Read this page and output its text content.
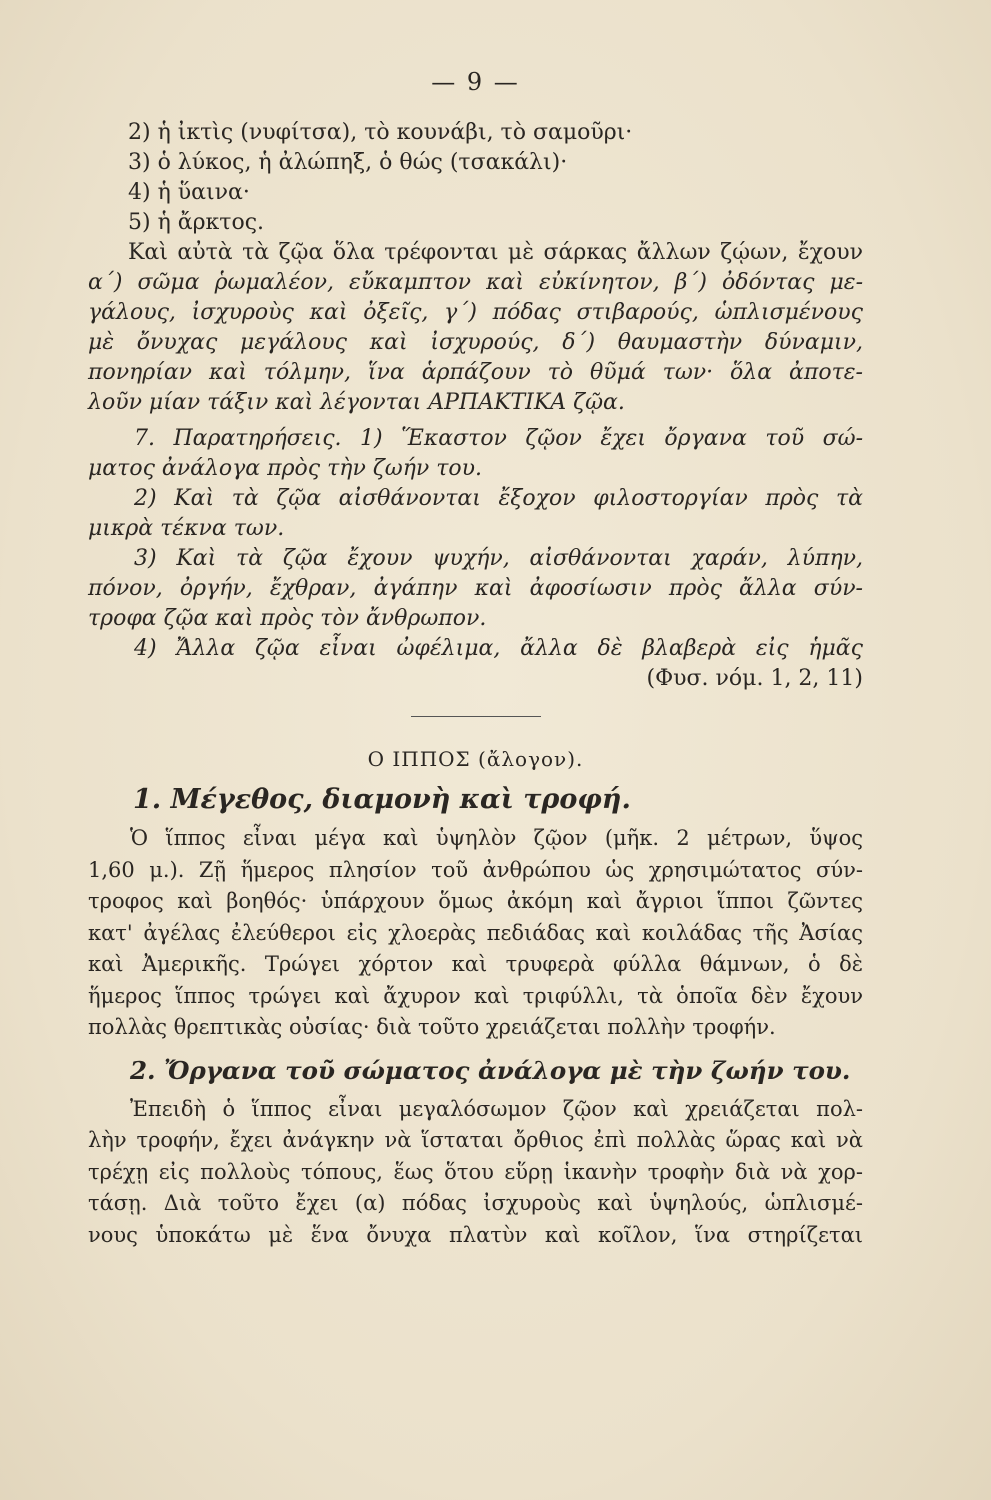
— 9 —
2) ἡ ἰκτὶς (νυφίτσα), τὸ κουνάβι, τὸ σαμοῦρι·
3) ὁ λύκος, ἡ ἀλώπηξ, ὁ θώς (τσακάλι)·
4) ἡ ὕαινα·
5) ἡ ἄρκτος.
Καὶ αὐτὰ τὰ ζῷα ὅλα τρέφονται μὲ σάρκας ἄλλων ζῴων, ἔχουν
α΄) σῶμα ῥωμαλέον, εὔκαμπτον καὶ εὐκίνητον, β΄) ὀδόντας με-
γάλους, ἰσχυροὺς καὶ ὀξεῖς, γ΄) πόδας στιβαρούς, ὡπλισμένους
μὲ ὄνυχας μεγάλους καὶ ἰσχυρούς, δ΄) θαυμαστὴν δύναμιν,
πονηρίαν καὶ τόλμην, ἵνα ἁρπάζουν τὸ θῦμά των· ὅλα ἀποτε-
λοῦν μίαν τάξιν καὶ λέγονται ΑΡΠΑΚΤΙΚΑ ζῷα.
7. Παρατηρήσεις. 1) Ἕκαστον ζῷον ἔχει ὄργανα τοῦ σώ-
ματος ἀνάλογα πρὸς τὴν ζωήν του.
2) Καὶ τὰ ζῷα αἰσθάνονται ἔξοχον φιλοστοργίαν πρὸς τὰ
μικρὰ τέκνα των.
3) Καὶ τὰ ζῷα ἔχουν ψυχήν, αἰσθάνονται χαράν, λύπην,
πόνον, ὀργήν, ἔχθραν, ἀγάπην καὶ ἀφοσίωσιν πρὸς ἄλλα σύν-
τροφα ζῷα καὶ πρὸς τὸν ἄνθρωπον.
4) Ἄλλα ζῷα εἶναι ὠφέλιμα, ἄλλα δὲ βλαβερὰ εἰς ἡμᾶς
(Φυσ. νόμ. 1, 2, 11)
Ο ΙΠΠΟΣ (ἄλογον).
1. Μέγεθος, διαμονὴ καὶ τροφή.
Ὁ ἵππος εἶναι μέγα καὶ ὑψηλὸν ζῷον (μῆκ. 2 μέτρων, ὕψος
1,60 μ.). Ζῇ ἥμερος πλησίον τοῦ ἀνθρώπου ὡς χρησιμώτατος σύν-
τροφος καὶ βοηθός· ὑπάρχουν ὅμως ἀκόμη καὶ ἄγριοι ἵπποι ζῶντες
κατ' ἀγέλας ἐλεύθεροι εἰς χλοερὰς πεδιάδας καὶ κοιλάδας τῆς Ἀσίας
καὶ Ἀμερικῆς. Τρώγει χόρτον καὶ τρυφερὰ φύλλα θάμνων, ὁ δὲ
ἥμερος ἵππος τρώγει καὶ ἄχυρον καὶ τριφύλλι, τὰ ὁποῖα δὲν ἔχουν
πολλὰς θρεπτικὰς οὐσίας· διὰ τοῦτο χρειάζεται πολλὴν τροφήν.
2. Ὄργανα τοῦ σώματος ἀνάλογα μὲ τὴν ζωήν του.
Ἐπειδὴ ὁ ἵππος εἶναι μεγαλόσωμον ζῷον καὶ χρειάζεται πολ-
λὴν τροφήν, ἔχει ἀνάγκην νὰ ἵσταται ὄρθιος ἐπὶ πολλὰς ὥρας καὶ νὰ
τρέχῃ εἰς πολλοὺς τόπους, ἕως ὅτου εὕρῃ ἱκανὴν τροφὴν διὰ νὰ χορ-
τάσῃ. Διὰ τοῦτο ἔχει (α) πόδας ἰσχυροὺς καὶ ὑψηλούς, ὡπλισμέ-
νους ὑποκάτω μὲ ἕνα ὄνυχα πλατὺν καὶ κοῖλον, ἵνα στηρίζεται
